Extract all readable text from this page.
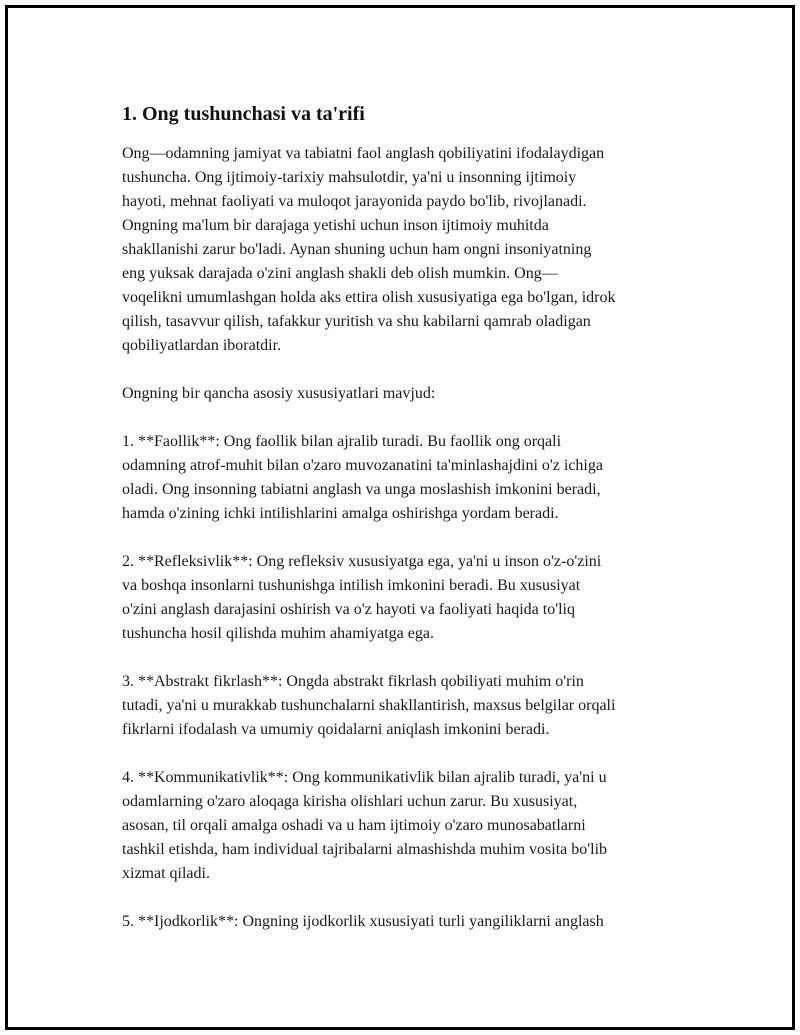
1. Ong tushunchasi va ta'rifi

Ong—odamning jamiyat va tabiatni faol anglash qobiliyatini ifodalaydigan
tushuncha. Ong ijtimoiy-tarixiy mahsulotdir, ya'ni u insonning ijtimoiy
hayoti, mehnat faoliyati va muloqot jarayonida paydo bo'lib, rivojlanadi.
Ongning ma'lum bir darajaga yetishi uchun inson ijtimoiy muhitda
shakllanishi zarur bo'ladi. Aynan shuning uchun ham ongni insoniyatning
eng yuksak darajada o'zini anglash shakli deb olish mumkin. Ong—
voqelikni umumlashgan holda aks ettira olish xususiyatiga ega bo'lgan, idrok
qilish, tasavvur qilish, tafakkur yuritish va shu kabilarni qamrab oladigan
qobiliyatlardan iboratdir.

Ongning bir qancha asosiy xususiyatlari mavjud:

1. **Faollik**: Ong faollik bilan ajralib turadi. Bu faollik ong orqali
odamning atrof-muhit bilan o'zaro muvozanatini ta'minlashajdini o'z ichiga
oladi. Ong insonning tabiatni anglash va unga moslashish imkonini beradi,
hamda o'zining ichki intilishlarini amalga oshirishga yordam beradi.

2. **Refleksivlik**: Ong refleksiv xususiyatga ega, ya'ni u inson o'z-o'zini
va boshqa insonlarni tushunishga intilish imkonini beradi. Bu xususiyat
o'zini anglash darajasini oshirish va o'z hayoti va faoliyati haqida to'liq
tushuncha hosil qilishda muhim ahamiyatga ega.

3. **Abstrakt fikrlash**: Ongda abstrakt fikrlash qobiliyati muhim o'rin
tutadi, ya'ni u murakkab tushunchalarni shakllantirish, maxsus belgilar orqali
fikrlarni ifodalash va umumiy qoidalarni aniqlash imkonini beradi.

4. **Kommunikativlik**: Ong kommunikativlik bilan ajralib turadi, ya'ni u
odamlarning o'zaro aloqaga kirisha olishlari uchun zarur. Bu xususiyat,
asosan, til orqali amalga oshadi va u ham ijtimoiy o'zaro munosabatlarni
tashkil etishda, ham individual tajribalarni almashishda muhim vosita bo'lib
xizmat qiladi.

5. **Ijodkorlik**: Ongning ijodkorlik xususiyati turli yangiliklarni anglash
